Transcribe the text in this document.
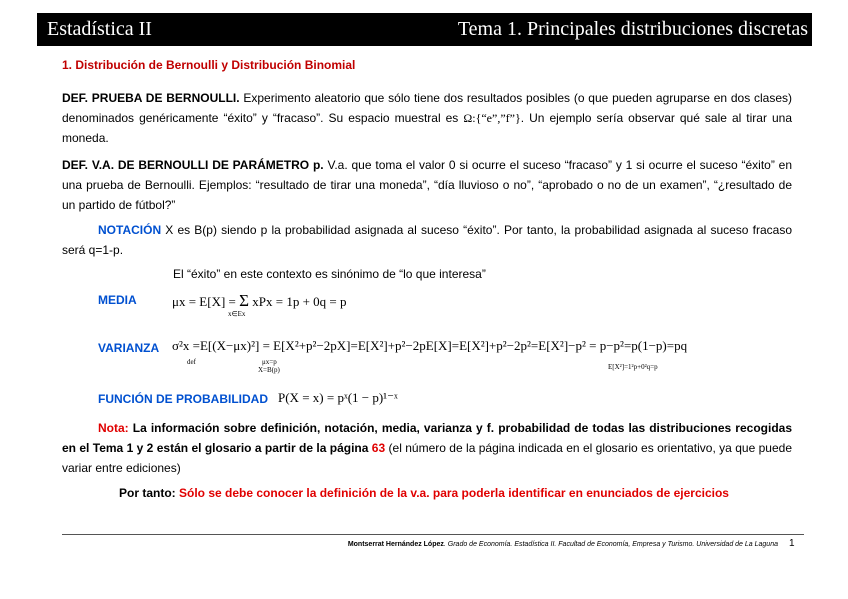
Estadística II	Tema 1. Principales distribuciones discretas
1. Distribución de Bernoulli y Distribución Binomial
DEF. PRUEBA DE BERNOULLI. Experimento aleatorio que sólo tiene dos resultados posibles (o que pueden agruparse en dos clases) denominados genéricamente “éxito” y “fracaso”. Su espacio muestral es Ω:{“e”,”f”}. Un ejemplo sería observar qué sale al tirar una moneda.
DEF. V.A. DE BERNOULLI DE PARÁMETRO p. V.a. que toma el valor 0 si ocurre el suceso “fracaso” y 1 si ocurre el suceso “éxito” en una prueba de Bernoulli. Ejemplos: “resultado de tirar una moneda”, “día lluvioso o no”, “aprobado o no de un examen”, “¿resultado de un partido de fútbol?”
NOTACIÓN X es B(p) siendo p la probabilidad asignada al suceso “éxito”. Por tanto, la probabilidad asignada al suceso fracaso será q=1-p.
El “éxito” en este contexto es sinónimo de “lo que interesa”
MEDIA	μx = E[X] = Σ xPx = 1p + 0q = p
x∈Ex
VARIANZA σ²x =E[(X−μx)²] = E[X²+p²−2pX]=E[X²]+p²−2pE[X]=E[X²]+p²−2p²=E[X²]−p² = p−p²=p(1−p)=pq
def	μx=p
X=B(p)	E[X²]=1²p+0²q=p
FUNCIÓN DE PROBABILIDAD P(X = x) = pˣ(1 − p)¹⁻ˣ
Nota: La información sobre definición, notación, media, varianza y f. probabilidad de todas las distribuciones recogidas en el Tema 1 y 2 están el glosario a partir de la página 63 (el número de la página indicada en el glosario es orientativo, ya que puede variar entre ediciones)
Por tanto: Sólo se debe conocer la definición de la v.a. para poderla identificar en enunciados de ejercicios
Montserrat Hernández López. Grado de Economía. Estadística II. Facultad de Economía, Empresa y Turismo. Universidad de La Laguna 1
